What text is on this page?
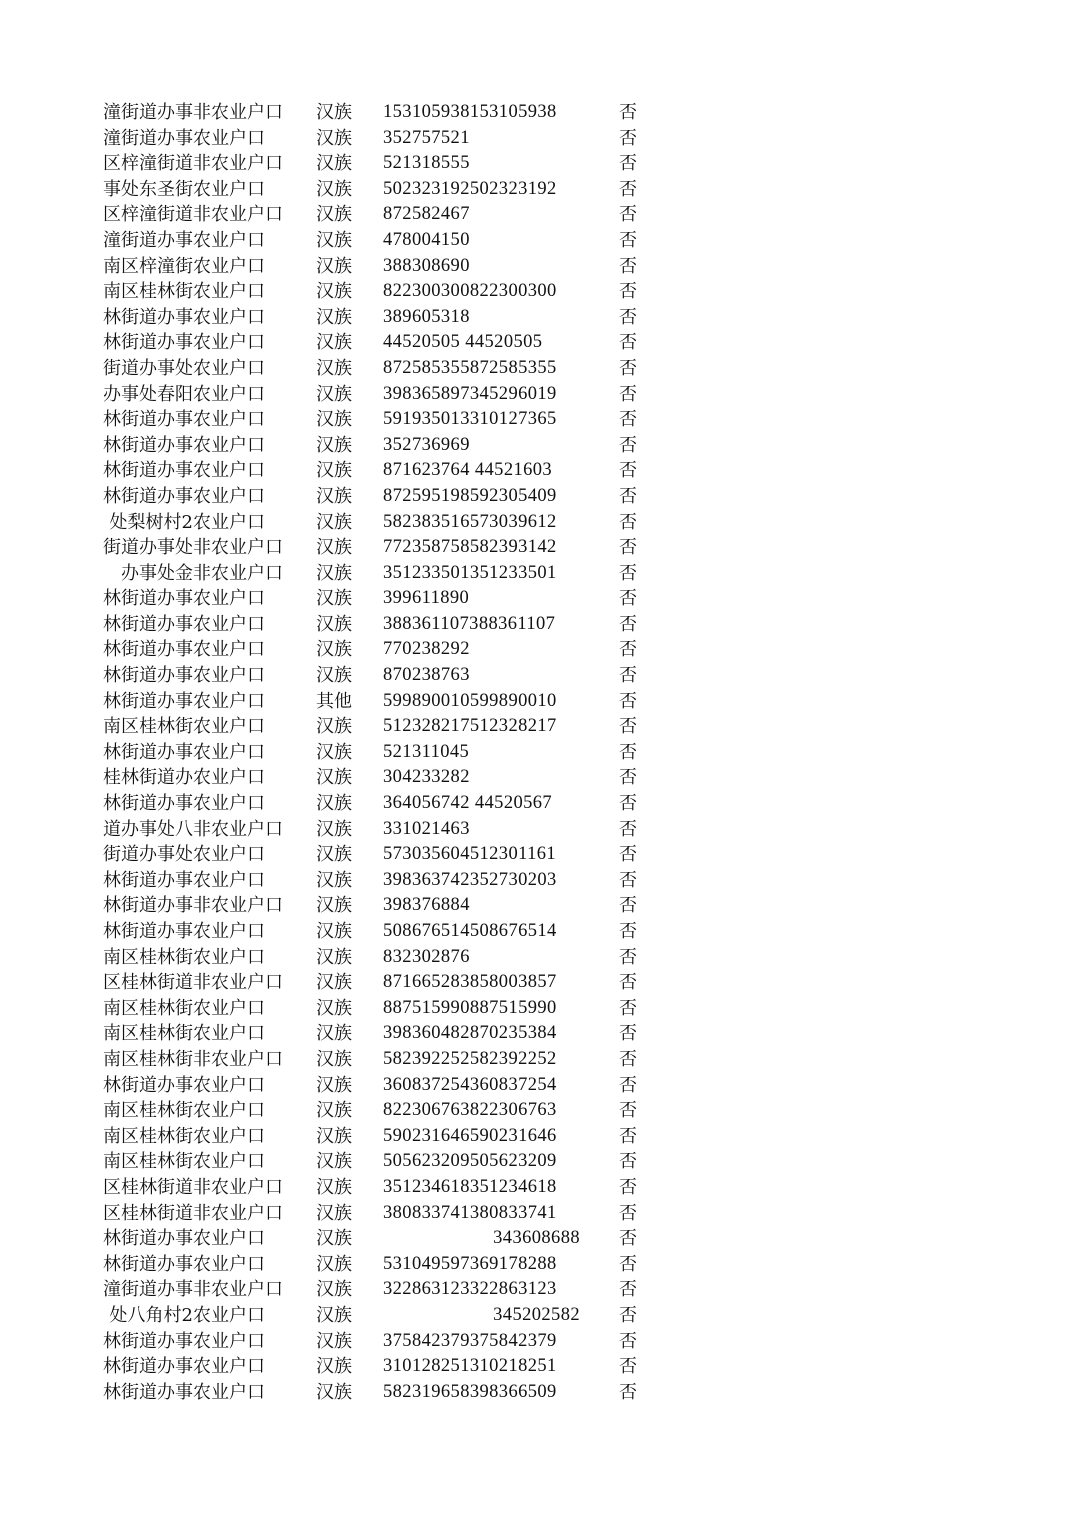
潼街道办事 非农业户口	汉族	153105938153105938	否
潼街道办事 农业户口	汉族	352757521	否
区梓潼街道 非农业户口	汉族	521318555	否
事处东圣街 农业户口	汉族	502323192502323192	否
区梓潼街道 非农业户口	汉族	872582467	否
潼街道办事 农业户口	汉族	478004150	否
南区梓潼街 农业户口	汉族	388308690	否
南区桂林街 农业户口	汉族	822300300822300300	否
林街道办事 农业户口	汉族	389605318	否
林街道办事 农业户口	汉族	44520505 44520505	否
街道办事处 农业户口	汉族	872585355872585355	否
办事处春阳 农业户口	汉族	398365897345296019	否
林街道办事 农业户口	汉族	591935013310127365	否
林街道办事 农业户口	汉族	352736969	否
林街道办事 农业户口	汉族	871623764 44521603	否
林街道办事 农业户口	汉族	872595198592305409	否
处梨树村2 农业户口	汉族	582383516573039612	否
街道办事处 非农业户口	汉族	772358758582393142	否
办事处金 非农业户口	汉族	351233501351233501	否
林街道办事 农业户口	汉族	399611890	否
林街道办事 农业户口	汉族	388361107388361107	否
林街道办事 农业户口	汉族	770238292	否
林街道办事 农业户口	汉族	870238763	否
林街道办事 农业户口	其他	599890010599890010	否
南区桂林街 农业户口	汉族	512328217512328217	否
林街道办事 农业户口	汉族	521311045	否
桂林街道办 农业户口	汉族	304233282	否
林街道办事 农业户口	汉族	364056742 44520567	否
道办事处八 非农业户口	汉族	331021463	否
街道办事处 农业户口	汉族	573035604512301161	否
林街道办事 农业户口	汉族	398363742352730203	否
林街道办事 非农业户口	汉族	398376884	否
林街道办事 农业户口	汉族	508676514508676514	否
南区桂林街 农业户口	汉族	832302876	否
区桂林街道 非农业户口	汉族	871665283858003857	否
南区桂林街 农业户口	汉族	887515990887515990	否
南区桂林街 农业户口	汉族	398360482870235384	否
南区桂林街 非农业户口	汉族	582392252582392252	否
林街道办事 农业户口	汉族	360837254360837254	否
南区桂林街 农业户口	汉族	822306763822306763	否
南区桂林街 农业户口	汉族	590231646590231646	否
南区桂林街 农业户口	汉族	505623209505623209	否
区桂林街道 非农业户口	汉族	351234618351234618	否
区桂林街道 非农业户口	汉族	380833741380833741	否
林街道办事 农业户口	汉族	343608688 否
林街道办事 农业户口	汉族	531049597369178288	否
潼街道办事 非农业户口	汉族	322863123322863123	否
处八角村2 农业户口	汉族	345202582 否
林街道办事 农业户口	汉族	375842379375842379	否
林街道办事 农业户口	汉族	310128251310218251	否
林街道办事 农业户口	汉族	582319658398366509	否
